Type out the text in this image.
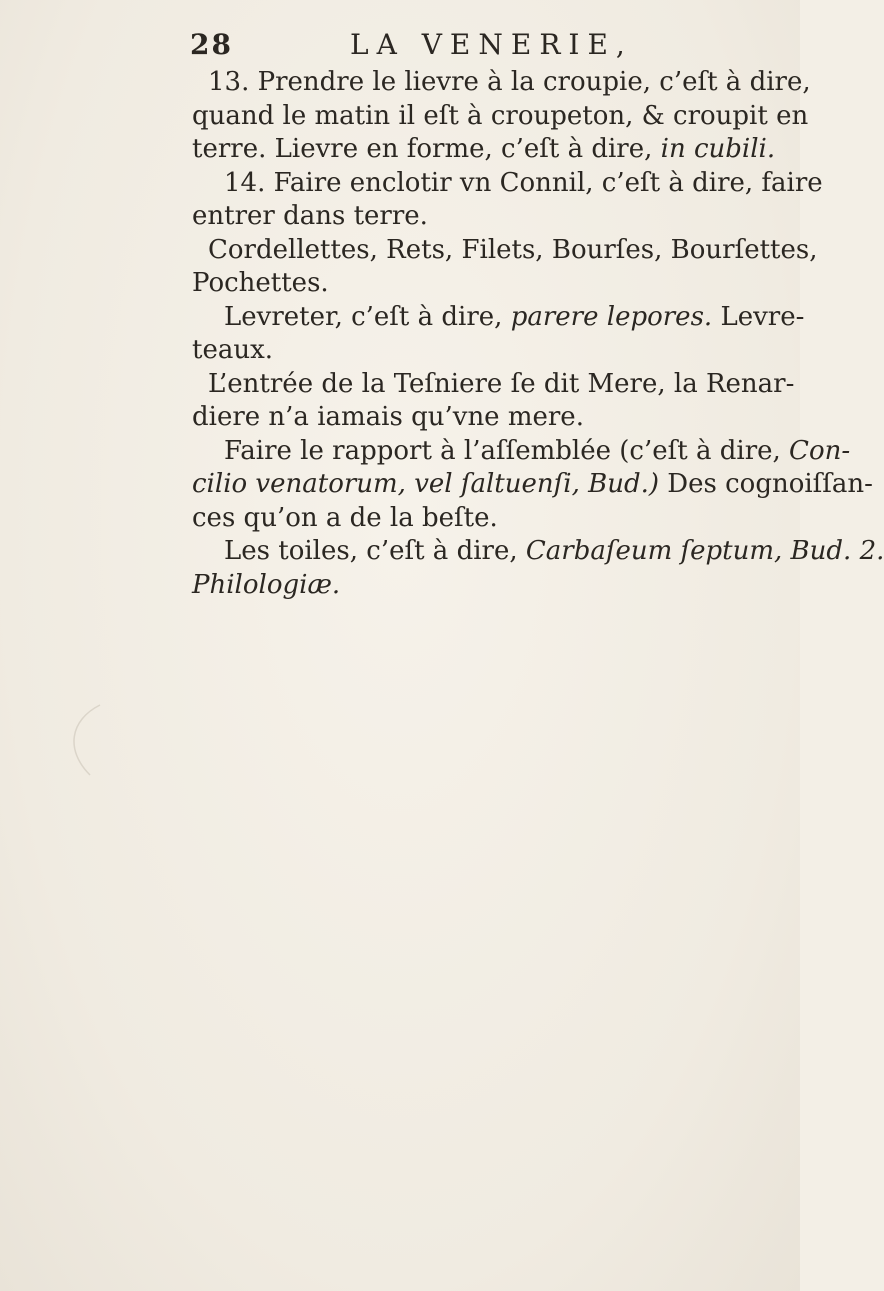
28	LA VENERIE,
13. Prendre le lievre à la croupie, c’eſt à dire,
quand le matin il eſt à croupeton, & croupit en
terre. Lievre en forme, c’eſt à dire, in cubili.
14. Faire enclotir vn Connil, c’eſt à dire, faire
entrer dans terre.
Cordellettes, Rets, Filets, Bourſes, Bourſettes,
Pochettes.
Levreter, c’eſt à dire, parere lepores. Levre-
teaux.
L’entrée de la Teſniere ſe dit Mere, la Renar-
diere n’a iamais qu’vne mere.
Faire le rapport à l’aſſemblée (c’eſt à dire, Con-
cilio venatorum, vel ſaltuenſi, Bud.) Des cognoiſſan-
ces qu’on a de la beſte.
Les toiles, c’eſt à dire, Carbaſeum ſeptum, Bud. 2.
Philologiæ.
